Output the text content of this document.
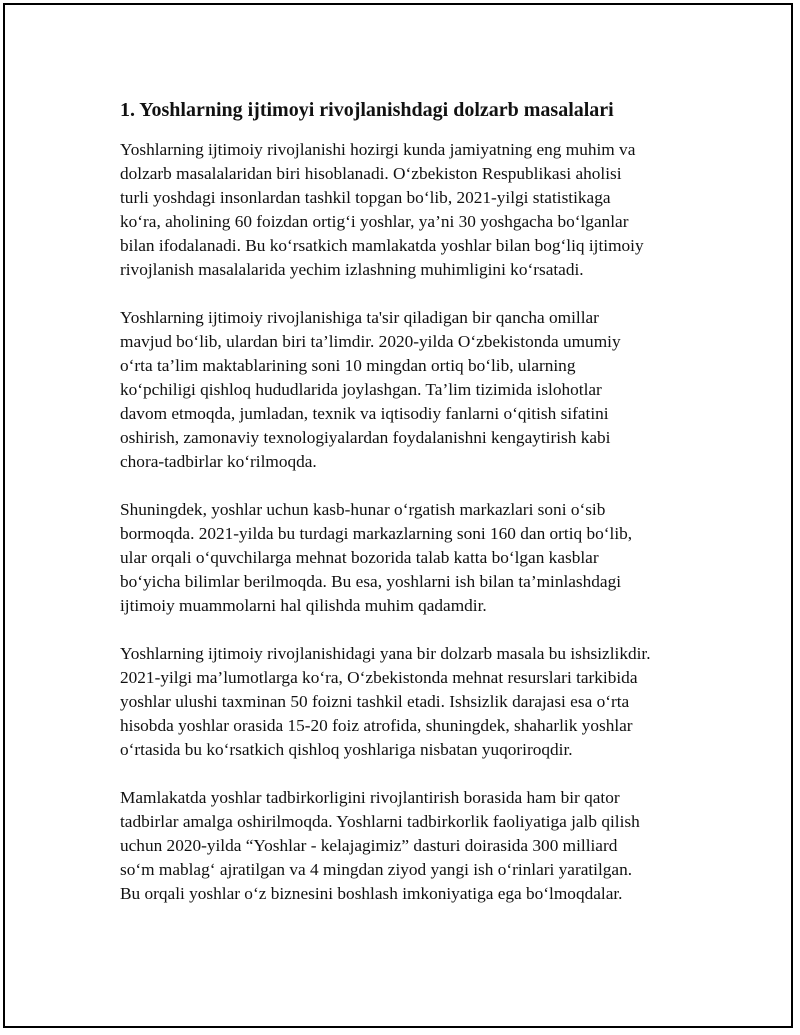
1. Yoshlarning ijtimoyi rivojlanishdagi dolzarb masalalari
Yoshlarning ijtimoiy rivojlanishi hozirgi kunda jamiyatning eng muhim va
dolzarb masalalaridan biri hisoblanadi. O‘zbekiston Respublikasi aholisi
turli yoshdagi insonlardan tashkil topgan bo‘lib, 2021-yilgi statistikaga
ko‘ra, aholining 60 foizdan ortig‘i yoshlar, ya’ni 30 yoshgacha bo‘lganlar
bilan ifodalanadi. Bu ko‘rsatkich mamlakatda yoshlar bilan bog‘liq ijtimoiy
rivojlanish masalalarida yechim izlashning muhimligini ko‘rsatadi.
Yoshlarning ijtimoiy rivojlanishiga ta'sir qiladigan bir qancha omillar
mavjud bo‘lib, ulardan biri ta’limdir. 2020-yilda O‘zbekistonda umumiy
o‘rta ta’lim maktablarining soni 10 mingdan ortiq bo‘lib, ularning
ko‘pchiligi qishloq hududlarida joylashgan. Ta’lim tizimida islohotlar
davom etmoqda, jumladan, texnik va iqtisodiy fanlarni o‘qitish sifatini
oshirish, zamonaviy texnologiyalardan foydalanishni kengaytirish kabi
chora-tadbirlar ko‘rilmoqda.
Shuningdek, yoshlar uchun kasb-hunar o‘rgatish markazlari soni o‘sib
bormoqda. 2021-yilda bu turdagi markazlarning soni 160 dan ortiq bo‘lib,
ular orqali o‘quvchilarga mehnat bozorida talab katta bo‘lgan kasblar
bo‘yicha bilimlar berilmoqda. Bu esa, yoshlarni ish bilan ta’minlashdagi
ijtimoiy muammolarni hal qilishda muhim qadamdir.
Yoshlarning ijtimoiy rivojlanishidagi yana bir dolzarb masala bu ishsizlikdir.
2021-yilgi ma’lumotlarga ko‘ra, O‘zbekistonda mehnat resurslari tarkibida
yoshlar ulushi taxminan 50 foizni tashkil etadi. Ishsizlik darajasi esa o‘rta
hisobda yoshlar orasida 15-20 foiz atrofida, shuningdek, shaharlik yoshlar
o‘rtasida bu ko‘rsatkich qishloq yoshlariga nisbatan yuqoriroqdir.
Mamlakatda yoshlar tadbirkorligini rivojlantirish borasida ham bir qator
tadbirlar amalga oshirilmoqda. Yoshlarni tadbirkorlik faoliyatiga jalb qilish
uchun 2020-yilda “Yoshlar - kelajagimiz” dasturi doirasida 300 milliard
so‘m mablag‘ ajratilgan va 4 mingdan ziyod yangi ish o‘rinlari yaratilgan.
Bu orqali yoshlar o‘z biznesini boshlash imkoniyatiga ega bo‘lmoqdalar.
